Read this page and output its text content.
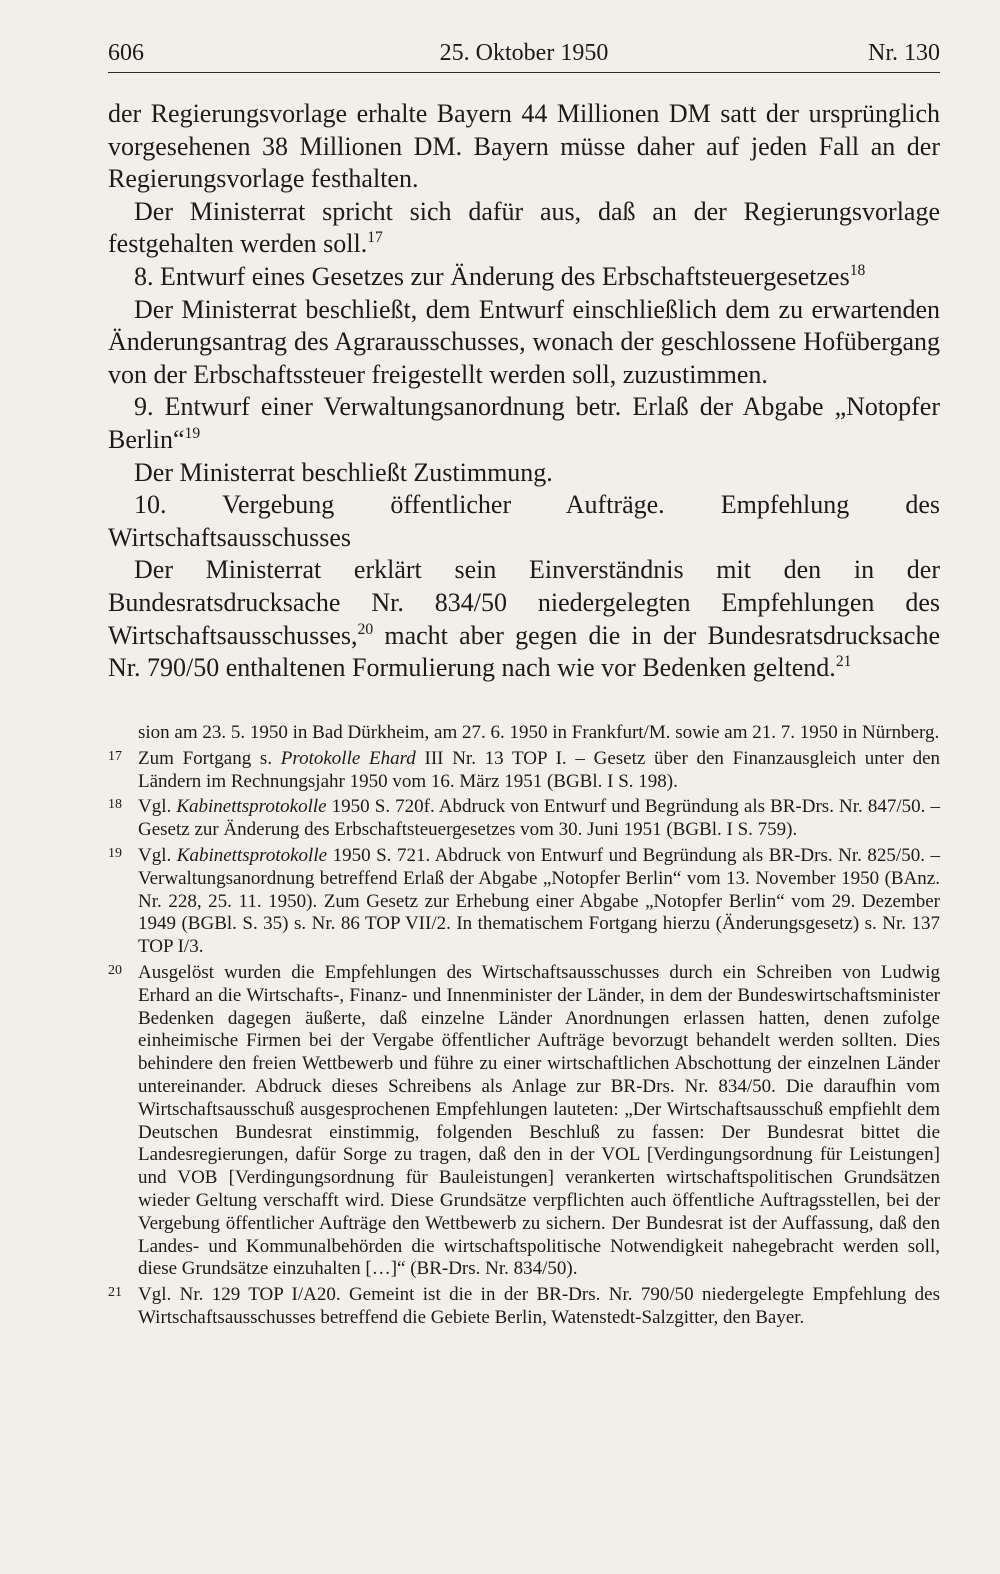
25. Oktober 1950
606	Nr. 130

der Regierungsvorlage erhalte Bayern 44 Millionen DM satt der ursprünglich vorgesehenen 38 Millionen DM. Bayern müsse daher auf jeden Fall an der Regierungsvorlage festhalten.

Der Ministerrat spricht sich dafür aus, daß an der Regierungsvorlage festgehalten werden soll.$^{17}$

8. Entwurf eines Gesetzes zur Änderung des Erbschaftsteuergesetzes$^{18}$

Der Ministerrat beschließt, dem Entwurf einschließlich dem zu erwartenden Änderungsantrag des Agrarausschusses, wonach der geschlossene Hofübergang von der Erbschaftssteuer freigestellt werden soll, zuzustimmen.

9. Entwurf einer Verwaltungsanordnung betr. Erlaß der Abgabe „Notopfer Berlin“$^{19}$

Der Ministerrat beschließt Zustimmung.

10. Vergebung öffentlicher Aufträge. Empfehlung des Wirtschaftsausschusses

Der Ministerrat erklärt sein Einverständnis mit den in der Bundesratsdrucksache Nr. 834/50 niedergelegten Empfehlungen des Wirtschaftsausschusses,$^{20}$ macht aber gegen die in der Bundesratsdrucksache Nr. 790/50 enthaltenen Formulierung nach wie vor Bedenken geltend.$^{21}$

sion am 23. 5. 1950 in Bad Dürkheim, am 27. 6. 1950 in Frankfurt/M. sowie am 21. 7. 1950 in Nürnberg.

17 Zum Fortgang s. Protokolle Ehard III Nr. 13 TOP I. – Gesetz über den Finanzausgleich unter den Ländern im Rechnungsjahr 1950 vom 16. März 1951 (BGBl. I S. 198).
18 Vgl. Kabinettsprotokolle 1950 S. 720f. Abdruck von Entwurf und Begründung als BR-Drs. Nr. 847/50. – Gesetz zur Änderung des Erbschaftsteuergesetzes vom 30. Juni 1951 (BGBl. I S. 759).
19 Vgl. Kabinettsprotokolle 1950 S. 721. Abdruck von Entwurf und Begründung als BR-Drs. Nr. 825/50. – Verwaltungsanordnung betreffend Erlaß der Abgabe „Notopfer Berlin“ vom 13. November 1950 (BAnz. Nr. 228, 25. 11. 1950). Zum Gesetz zur Erhebung einer Abgabe „Notopfer Berlin“ vom 29. Dezember 1949 (BGBl. S. 35) s. Nr. 86 TOP VII/2. In thematischem Fortgang hierzu (Änderungsgesetz) s. Nr. 137 TOP I/3.
20 Ausgelöst wurden die Empfehlungen des Wirtschaftsausschusses durch ein Schreiben von Ludwig Erhard an die Wirtschafts-, Finanz- und Innenminister der Länder, in dem der Bundeswirtschaftsminister Bedenken dagegen äußerte, daß einzelne Länder Anordnungen erlassen hatten, denen zufolge einheimische Firmen bei der Vergabe öffentlicher Aufträge bevorzugt behandelt werden sollten. Dies behindere den freien Wettbewerb und führe zu einer wirtschaftlichen Abschottung der einzelnen Länder untereinander. Abdruck dieses Schreibens als Anlage zur BR-Drs. Nr. 834/50. Die daraufhin vom Wirtschaftsausschuß ausgesprochenen Empfehlungen lauteten: „Der Wirtschaftsausschuß empfiehlt dem Deutschen Bundesrat einstimmig, folgenden Beschluß zu fassen: Der Bundesrat bittet die Landesregierungen, dafür Sorge zu tragen, daß den in der VOL [Verdingungsordnung für Leistungen] und VOB [Verdingungsordnung für Bauleistungen] verankerten wirtschaftspolitischen Grundsätzen wieder Geltung verschafft wird. Diese Grundsätze verpflichten auch öffentliche Auftragsstellen, bei der Vergebung öffentlicher Aufträge den Wettbewerb zu sichern. Der Bundesrat ist der Auffassung, daß den Landes- und Kommunalbehörden die wirtschaftspolitische Notwendigkeit nahegebracht werden soll, diese Grundsätze einzuhalten […]“ (BR-Drs. Nr. 834/50).
21 Vgl. Nr. 129 TOP I/A20. Gemeint ist die in der BR-Drs. Nr. 790/50 niedergelegte Empfehlung des Wirtschaftsausschusses betreffend die Gebiete Berlin, Watenstedt-Salzgitter, den Bayer.
